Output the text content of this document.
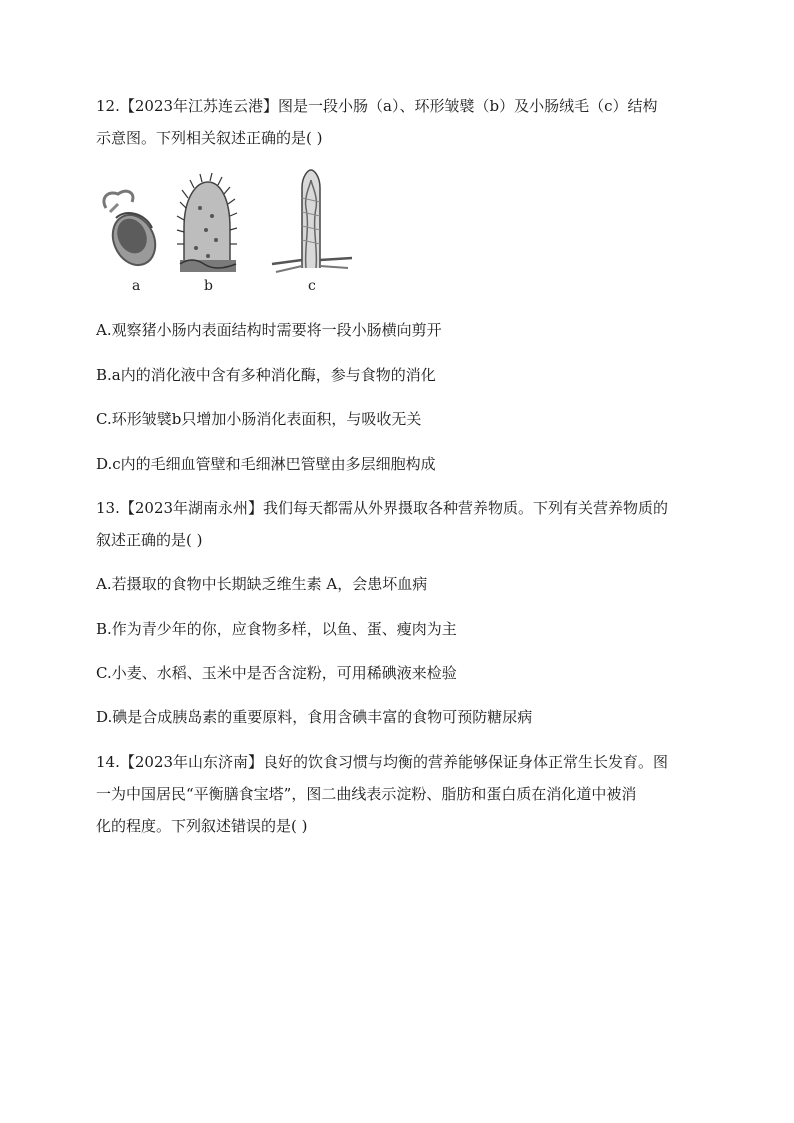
12.【2023年江苏连云港】图是一段小肠（a）、环形皱襞（b）及小肠绒毛（c）结构
示意图。下列相关叙述正确的是( )
a	b	c
A.观察猪小肠内表面结构时需要将一段小肠横向剪开
B.a内的消化液中含有多种消化酶，参与食物的消化
C.环形皱襞b只增加小肠消化表面积，与吸收无关
D.c内的毛细血管壁和毛细淋巴管壁由多层细胞构成
13.【2023年湖南永州】我们每天都需从外界摄取各种营养物质。下列有关营养物质的
叙述正确的是( )
A.若摄取的食物中长期缺乏维生素 A，会患坏血病
B.作为青少年的你，应食物多样，以鱼、蛋、瘦肉为主
C.小麦、水稻、玉米中是否含淀粉，可用稀碘液来检验
D.碘是合成胰岛素的重要原料，食用含碘丰富的食物可预防糖尿病
14.【2023年山东济南】良好的饮食习惯与均衡的营养能够保证身体正常生长发育。图
一为中国居民“平衡膳食宝塔”，图二曲线表示淀粉、脂肪和蛋白质在消化道中被消
化的程度。下列叙述错误的是( )
